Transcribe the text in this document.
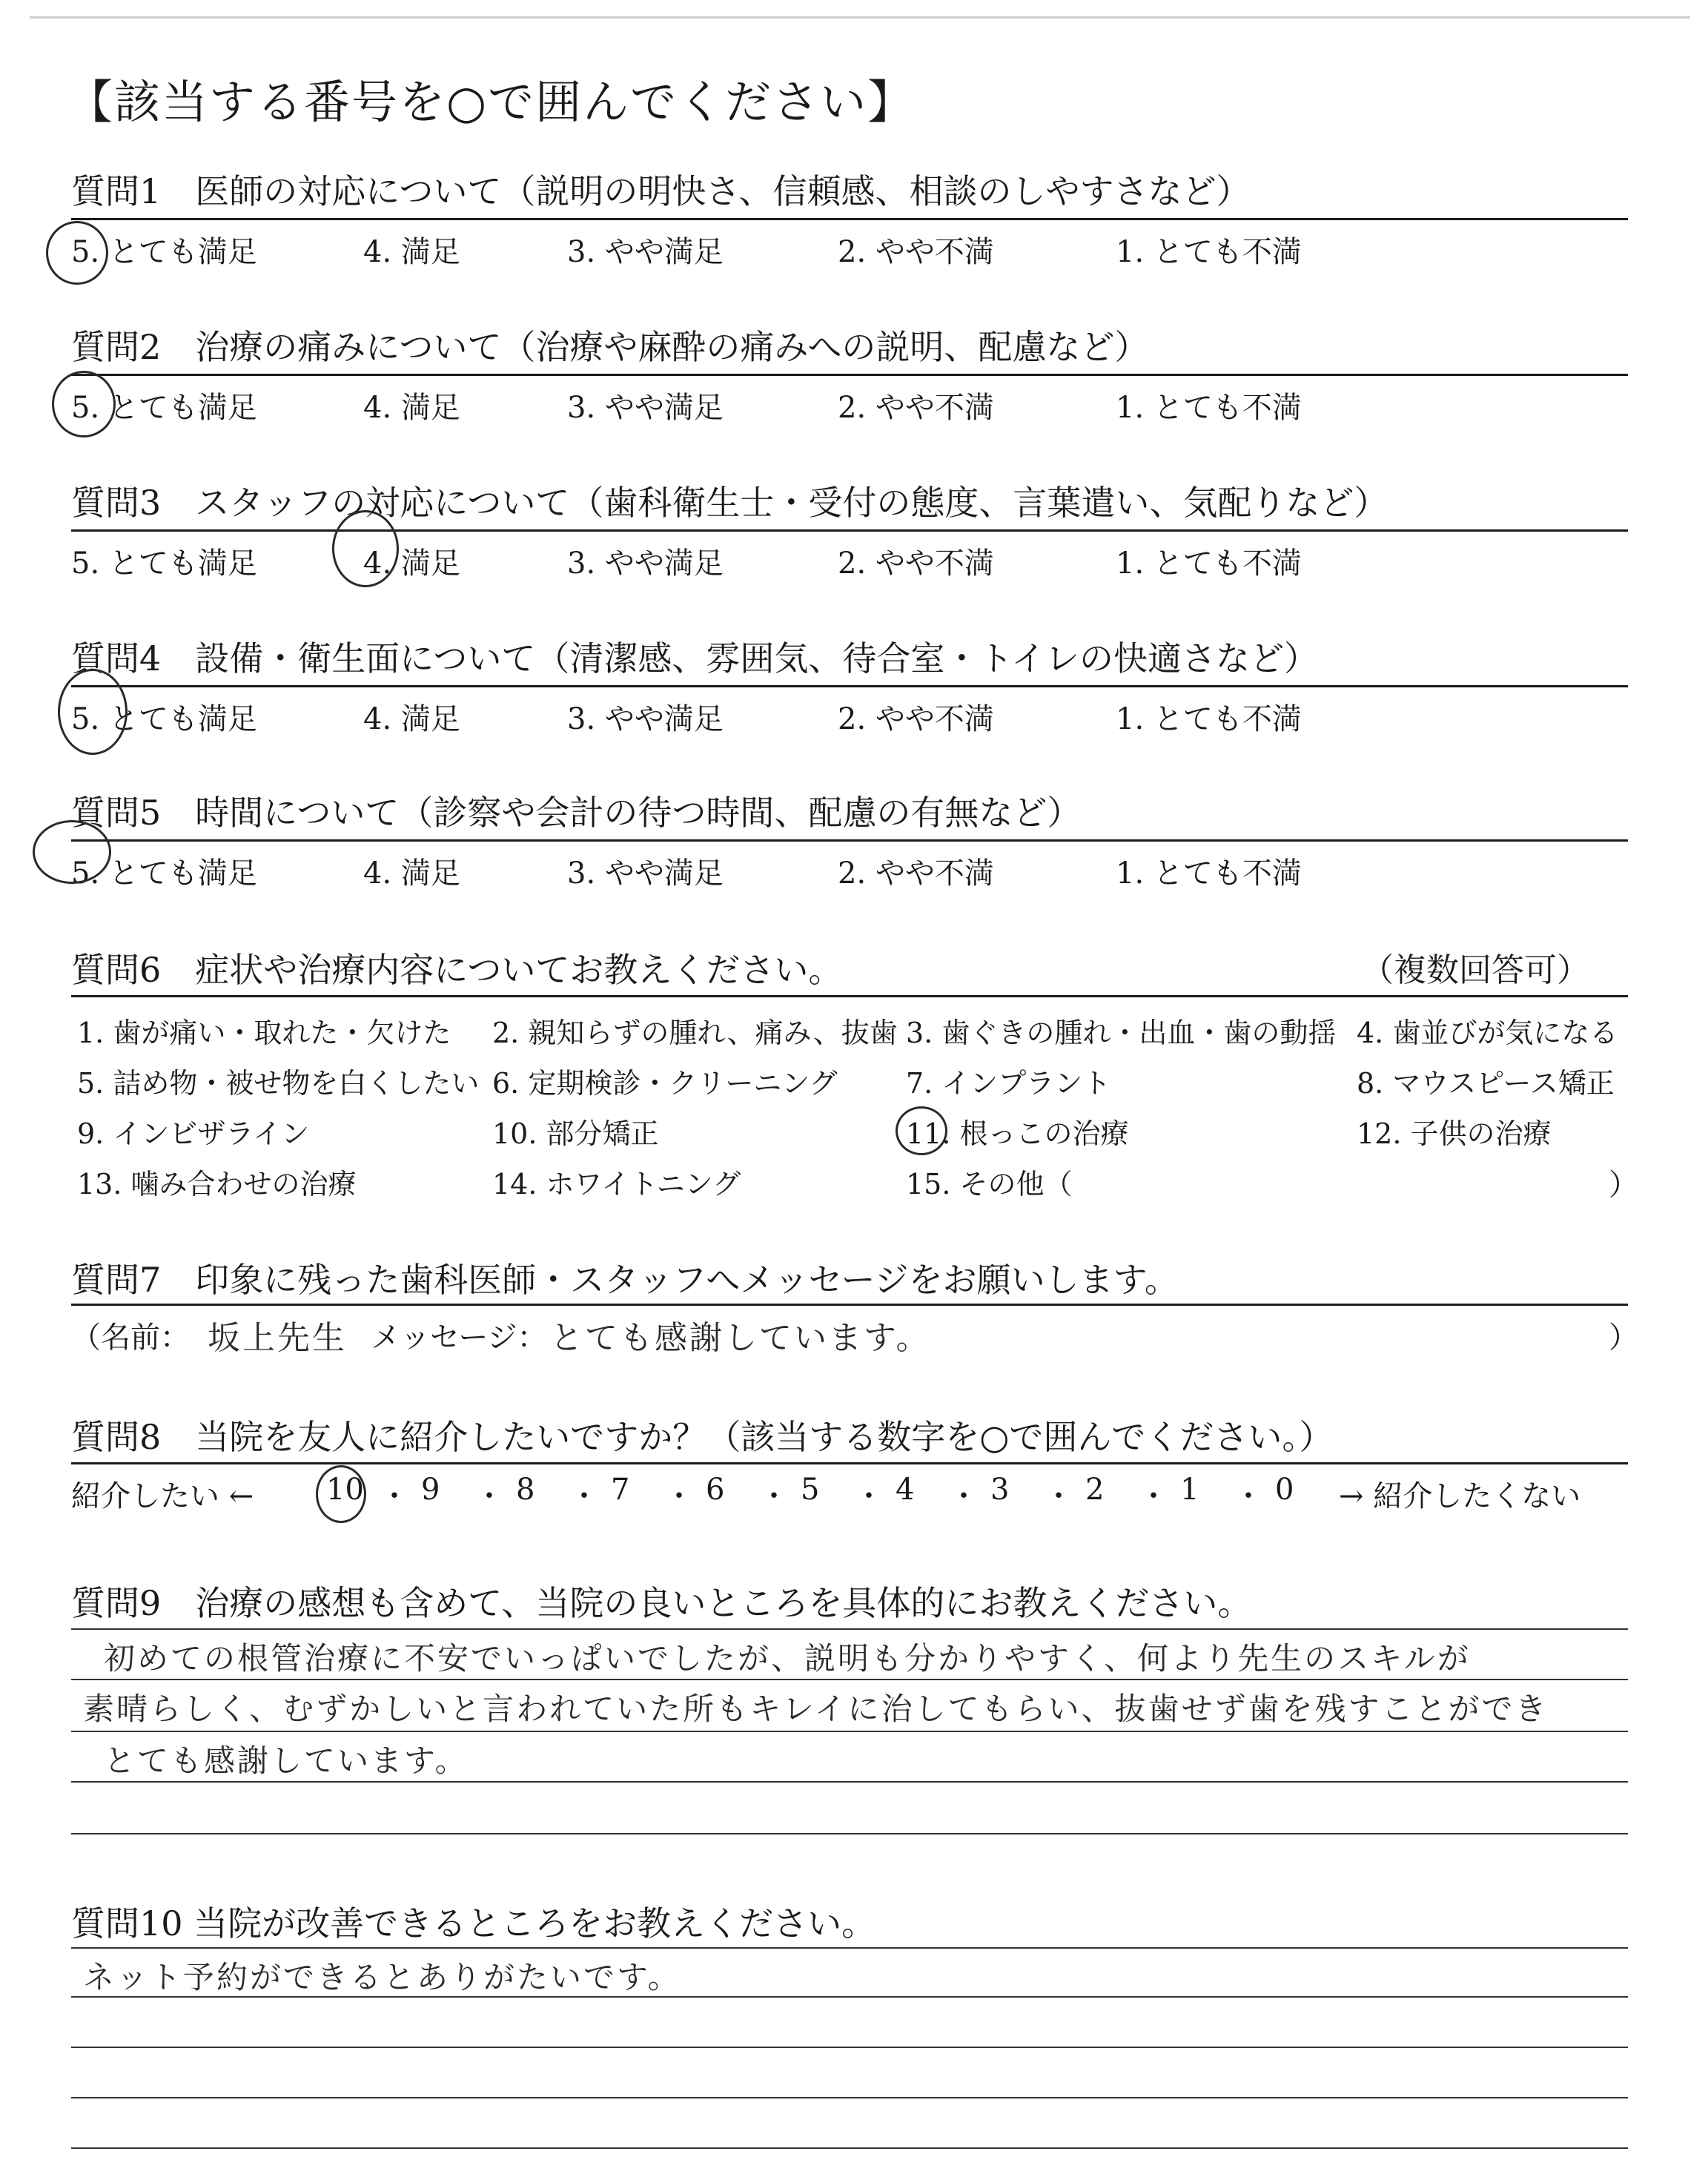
【該当する番号を○で囲んでください】
質問1　医師の対応について（説明の明快さ、信頼感、相談のしやすさなど）
5. とても満足	4. 満足	3. やや満足	2. やや不満	1. とても不満
質問2　治療の痛みについて（治療や麻酔の痛みへの説明、配慮など）
5. とても満足	4. 満足	3. やや満足	2. やや不満	1. とても不満
質問3　スタッフの対応について（歯科衛生士・受付の態度、言葉遣い、気配りなど）
5. とても満足	4. 満足	3. やや満足	2. やや不満	1. とても不満
質問4　設備・衛生面について（清潔感、雰囲気、待合室・トイレの快適さなど）
5. とても満足	4. 満足	3. やや満足	2. やや不満	1. とても不満
質問5　時間について（診察や会計の待つ時間、配慮の有無など）
5. とても満足	4. 満足	3. やや満足	2. やや不満	1. とても不満
質問6　症状や治療内容についてお教えください。	（複数回答可）
1. 歯が痛い・取れた・欠けた 2. 親知らずの腫れ、痛み、抜歯 3. 歯ぐきの腫れ・出血・歯の動揺 4. 歯並びが気になる
5. 詰め物・被せ物を白くしたい 6. 定期検診・クリーニング 7. インプラント	8. マウスピース矯正
9. インビザライン	10. 部分矯正	11. 根っこの治療	12. 子供の治療
13. 噛み合わせの治療	14. ホワイトニング	15. その他（	）
質問7　印象に残った歯科医師・スタッフへメッセージをお願いします。
（名前： 坂上先生 メッセージ： とても感謝しています。	）
質問8　当院を友人に紹介したいですか？（該当する数字を○で囲んでください。）
紹介したい ← 10 ・ 9 ・ 8 ・ 7 ・ 6 ・ 5 ・ 4 ・ 3 ・ 2 ・ 1 ・ 0 → 紹介したくない
質問9　治療の感想も含めて、当院の良いところを具体的にお教えください。
初めての根管治療に不安でいっぱいでしたが、説明も分かりやすく、何より先生のスキルが
素晴らしく、むずかしいと言われていた所もキレイに治してもらい、抜歯せず歯を残すことができ
とても感謝しています。
質問10 当院が改善できるところをお教えください。
ネット予約ができるとありがたいです。
